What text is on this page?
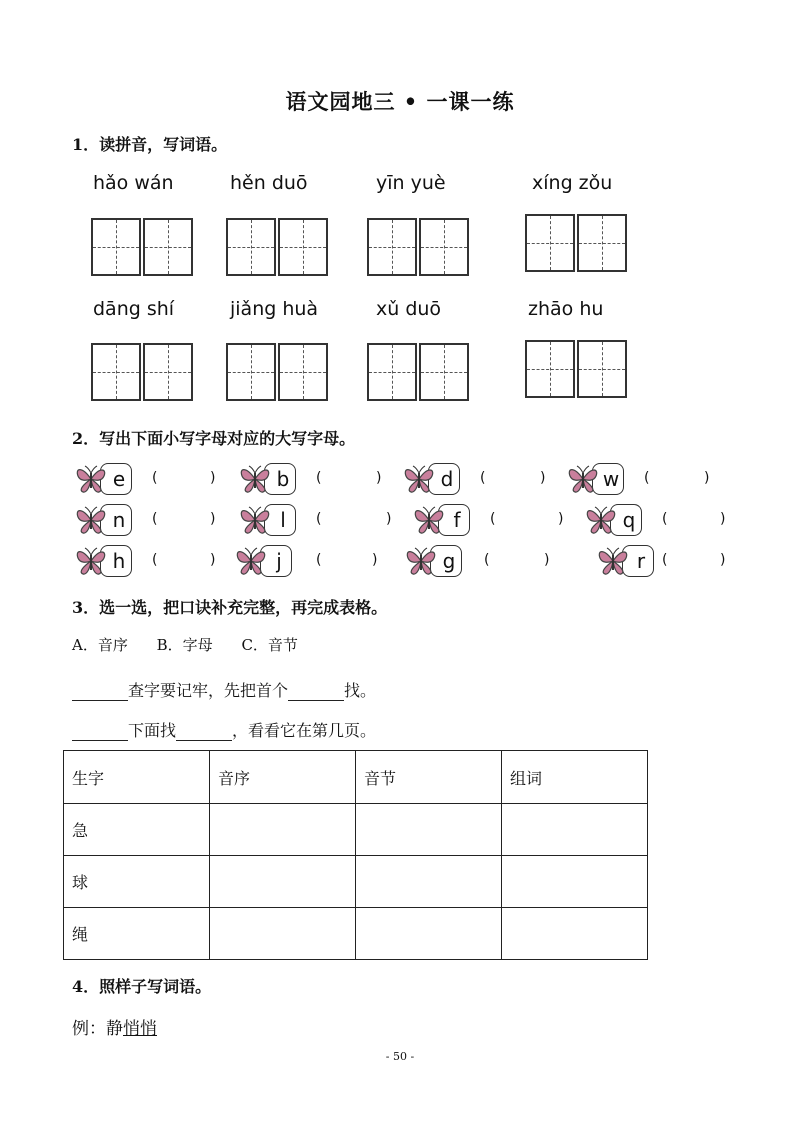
语文园地三 • 一课一练
1．读拼音，写词语。
hǎo wán	hěn duō	yīn yuè	xíng zǒu
dāng shí	jiǎng huà	xǔ duō	zhāo hu
2．写出下面小写字母对应的大写字母。
e	(	)	b	(	)	d	(	)	w	(	)
n	(	)	l	(	)	f	(	)	q	(	)
h	(	)	j	(	)	g	(	)	r	(	)
3．选一选，把口诀补充完整，再完成表格。
A．音序 B．字母 C．音节
查字要记牢，先把首个	找。
下面找	，看看它在第几页。
生字	音序	音节	组词
急			
球			
绳			
4．照样子写词语。
例：静悄悄
- 50 -
